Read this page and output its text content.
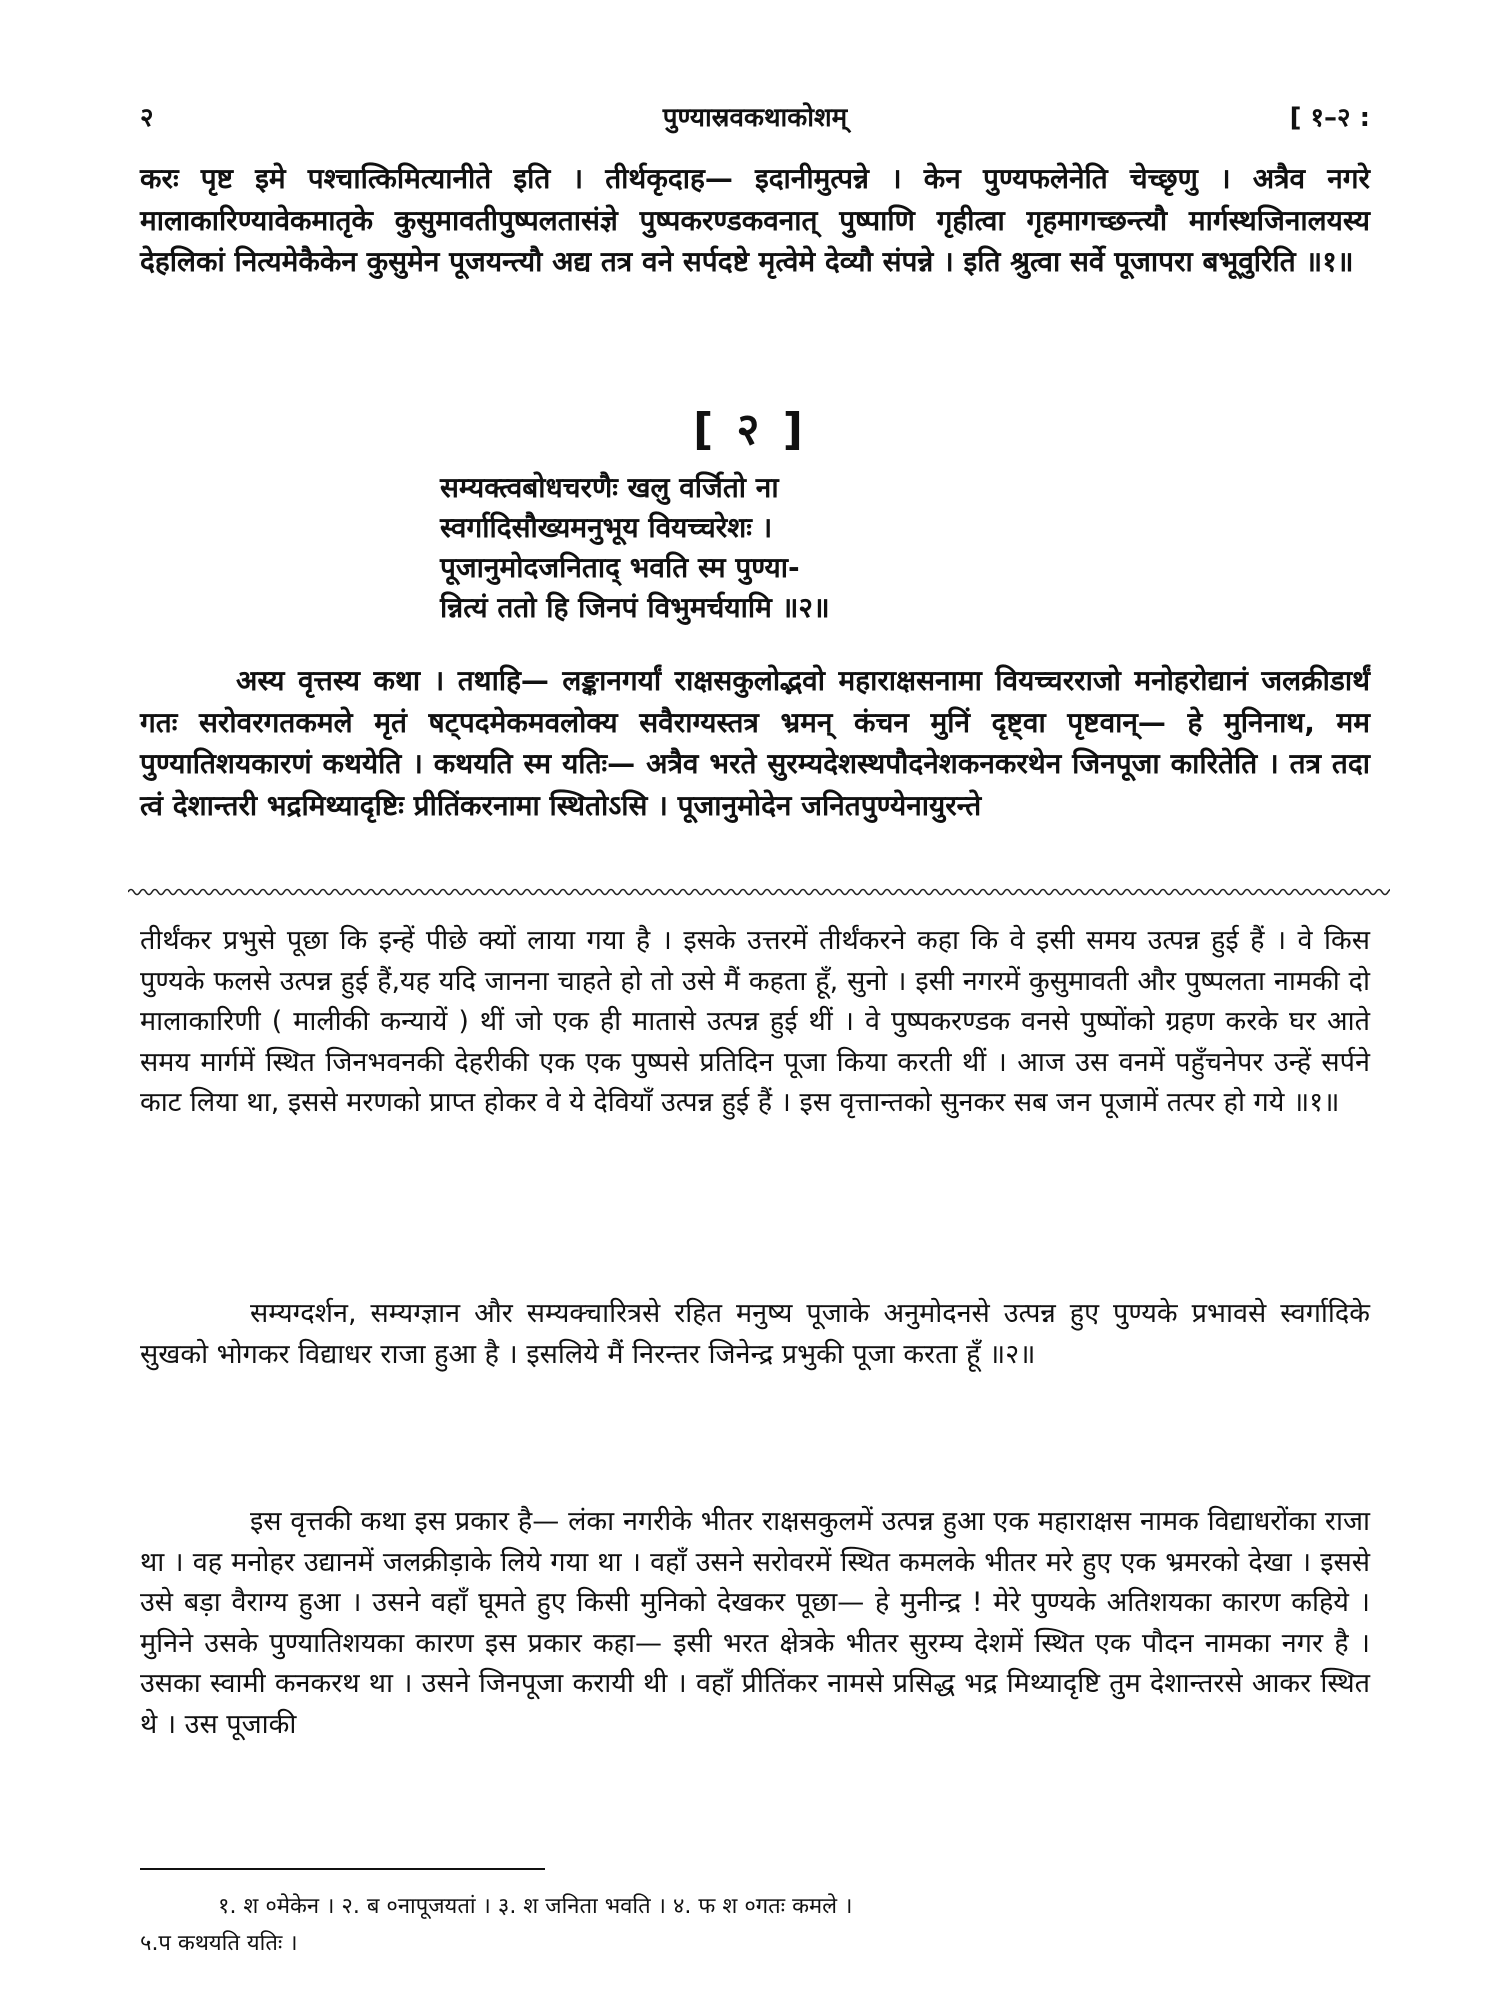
२	पुण्यास्रवकथाकोशम्	[ १–२ :

करः पृष्ट इमे पश्चात्किमित्यानीते इति । तीर्थकृदाह— इदानीमुत्पन्ने । केन पुण्यफलेनेति चेच्छृणु । अत्रैव नगरे मालाकारिण्यावेकमातृके कुसुमावतीपुष्पलतासंज्ञे पुष्पकरण्डकवनात् पुष्पाणि गृहीत्वा गृहमागच्छन्त्यौ मार्गस्थजिनालयस्य देहलिकां नित्यमेकैकेन कुसुमेन पूजयन्त्यौ अद्य तत्र वने सर्पदष्टे मृत्वेमे देव्यौ संपन्ने । इति श्रुत्वा सर्वे पूजापरा बभूवुरिति ॥१॥

[ २ ]
सम्यक्त्वबोधचरणैः खलु वर्जितो ना
स्वर्गादिसौख्यमनुभूय वियच्चरेशः ।
पूजानुमोदजनिताद् भवति स्म पुण्या-
न्नित्यं ततो हि जिनपं विभुमर्चयामि ॥२॥

अस्य वृत्तस्य कथा । तथाहि— लङ्कानगर्यां राक्षसकुलोद्भवो महाराक्षसनामा वियच्चरराजो मनोहरोद्यानं जलक्रीडार्थं गतः सरोवरगतकमले मृतं षट्पदमेकमवलोक्य सवैराग्यस्तत्र भ्रमन् कंचन मुनिं दृष्ट्वा पृष्टवान्— हे मुनिनाथ, मम पुण्यातिशयकारणं कथयेति । कथयति स्म यतिः— अत्रैव भरते सुरम्यदेशस्थपौदनेशकनकरथेन जिनपूजा कारितेति । तत्र तदा त्वं देशान्तरी भद्रमिथ्यादृष्टिः प्रीतिंकरनामा स्थितोऽसि । पूजानुमोदेन जनितपुण्येनायुरन्ते

तीर्थंकर प्रभुसे पूछा कि इन्हें पीछे क्यों लाया गया है । इसके उत्तरमें तीर्थंकरने कहा कि वे इसी समय उत्पन्न हुई हैं । वे किस पुण्यके फलसे उत्पन्न हुई हैं,यह यदि जानना चाहते हो तो उसे मैं कहता हूँ, सुनो । इसी नगरमें कुसुमावती और पुष्पलता नामकी दो मालाकारिणी ( मालीकी कन्यायें ) थीं जो एक ही मातासे उत्पन्न हुई थीं । वे पुष्पकरण्डक वनसे पुष्पोंको ग्रहण करके घर आते समय मार्गमें स्थित जिनभवनकी देहरीकी एक एक पुष्पसे प्रतिदिन पूजा किया करती थीं । आज उस वनमें पहुँचनेपर उन्हें सर्पने काट लिया था, इससे मरणको प्राप्त होकर वे ये देवियाँ उत्पन्न हुई हैं । इस वृत्तान्तको सुनकर सब जन पूजामें तत्पर हो गये ॥१॥

सम्यग्दर्शन, सम्यग्ज्ञान और सम्यक्चारित्रसे रहित मनुष्य पूजाके अनुमोदनसे उत्पन्न हुए पुण्यके प्रभावसे स्वर्गादिके सुखको भोगकर विद्याधर राजा हुआ है । इसलिये मैं निरन्तर जिनेन्द्र प्रभुकी पूजा करता हूँ ॥२॥

इस वृत्तकी कथा इस प्रकार है— लंका नगरीके भीतर राक्षसकुलमें उत्पन्न हुआ एक महाराक्षस नामक विद्याधरोंका राजा था । वह मनोहर उद्यानमें जलक्रीड़ाके लिये गया था । वहाँ उसने सरोवरमें स्थित कमलके भीतर मरे हुए एक भ्रमरको देखा । इससे उसे बड़ा वैराग्य हुआ । उसने वहाँ घूमते हुए किसी मुनिको देखकर पूछा— हे मुनीन्द्र ! मेरे पुण्यके अतिशयका कारण कहिये । मुनिने उसके पुण्यातिशयका कारण इस प्रकार कहा— इसी भरत क्षेत्रके भीतर सुरम्य देशमें स्थित एक पौदन नामका नगर है । उसका स्वामी कनकरथ था । उसने जिनपूजा करायी थी । वहाँ प्रीतिंकर नामसे प्रसिद्ध भद्र मिथ्यादृष्टि तुम देशान्तरसे आकर स्थित थे । उस पूजाकी

१. श ०मेकेन । २. ब ०नापूजयतां । ३. श जनिता भवति । ४. फ श ०गतः कमले ।
५.प कथयति यतिः ।
